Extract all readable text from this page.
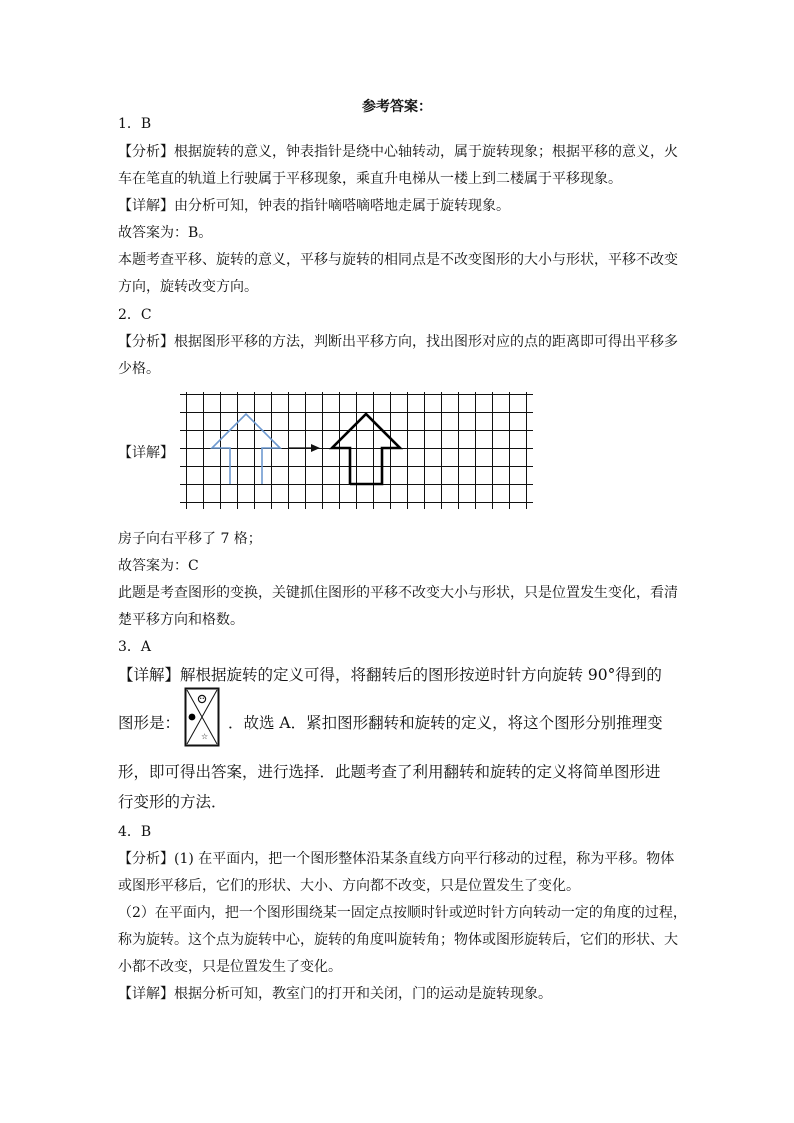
参考答案：
1．B
【分析】根据旋转的意义，钟表指针是绕中心轴转动，属于旋转现象；根据平移的意义，火
车在笔直的轨道上行驶属于平移现象，乘直升电梯从一楼上到二楼属于平移现象。
【详解】由分析可知，钟表的指针嘀嗒嘀嗒地走属于旋转现象。
故答案为：B。
本题考查平移、旋转的意义，平移与旋转的相同点是不改变图形的大小与形状，平移不改变
方向，旋转改变方向。
2．C
【分析】根据图形平移的方法，判断出平移方向，找出图形对应的点的距离即可得出平移多
少格。
【详解】
房子向右平移了 7 格；
故答案为：C
此题是考查图形的变换，关键抓住图形的平移不改变大小与形状，只是位置发生变化，看清
楚平移方向和格数。
3．A
【详解】解根据旋转的定义可得，将翻转后的图形按逆时针方向旋转 90°得到的
图形是：
☆
．故选 A．紧扣图形翻转和旋转的定义，将这个图形分别推理变
形，即可得出答案，进行选择．此题考查了利用翻转和旋转的定义将简单图形进
行变形的方法．
4．B
【分析】(1) 在平面内，把一个图形整体沿某条直线方向平行移动的过程，称为平移。物体
或图形平移后，它们的形状、大小、方向都不改变，只是位置发生了变化。
（2）在平面内，把一个图形围绕某一固定点按顺时针或逆时针方向转动一定的角度的过程，
称为旋转。这个点为旋转中心，旋转的角度叫旋转角；物体或图形旋转后，它们的形状、大
小都不改变，只是位置发生了变化。
【详解】根据分析可知，教室门的打开和关闭，门的运动是旋转现象。
